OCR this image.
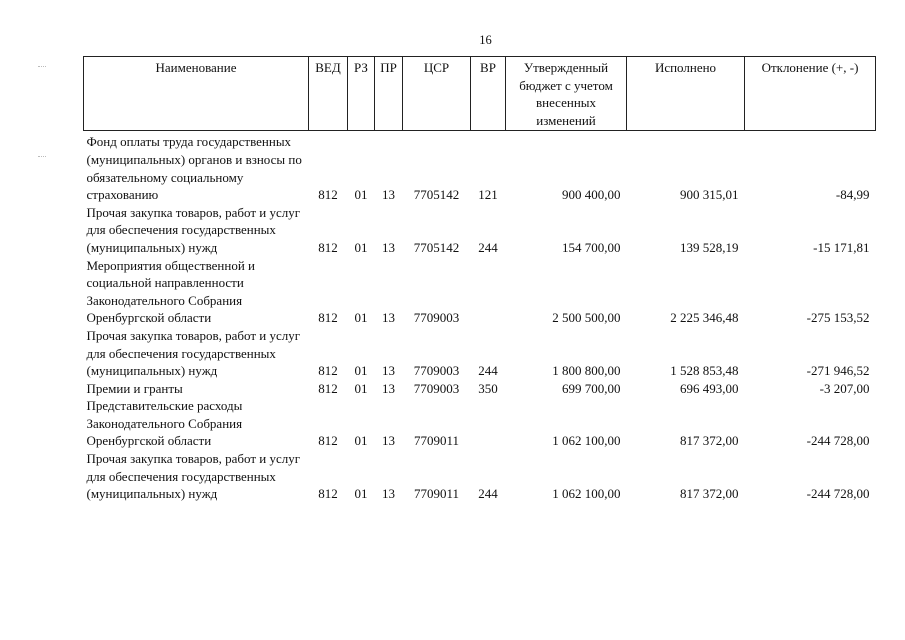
16
Наименование	ВЕД	РЗ	ПР	ЦСР	ВР	Утвержденный бюджет с учетом внесенных изменений	Исполнено	Отклонение (+, -)
Фонд оплаты труда государственных (муниципальных) органов и взносы по обязательному социальному страхованию	812	01	13	7705142	121	900 400,00	900 315,01	-84,99
Прочая закупка товаров, работ и услуг для обеспечения государственных (муниципальных) нужд	812	01	13	7705142	244	154 700,00	139 528,19	-15 171,81
Мероприятия общественной и социальной направленности Законодательного Собрания Оренбургской области	812	01	13	7709003		2 500 500,00	2 225 346,48	-275 153,52
Прочая закупка товаров, работ и услуг для обеспечения государственных (муниципальных) нужд	812	01	13	7709003	244	1 800 800,00	1 528 853,48	-271 946,52
Премии и гранты	812	01	13	7709003	350	699 700,00	696 493,00	-3 207,00
Представительские расходы Законодательного Собрания Оренбургской области	812	01	13	7709011		1 062 100,00	817 372,00	-244 728,00
Прочая закупка товаров, работ и услуг для обеспечения государственных (муниципальных) нужд	812	01	13	7709011	244	1 062 100,00	817 372,00	-244 728,00
